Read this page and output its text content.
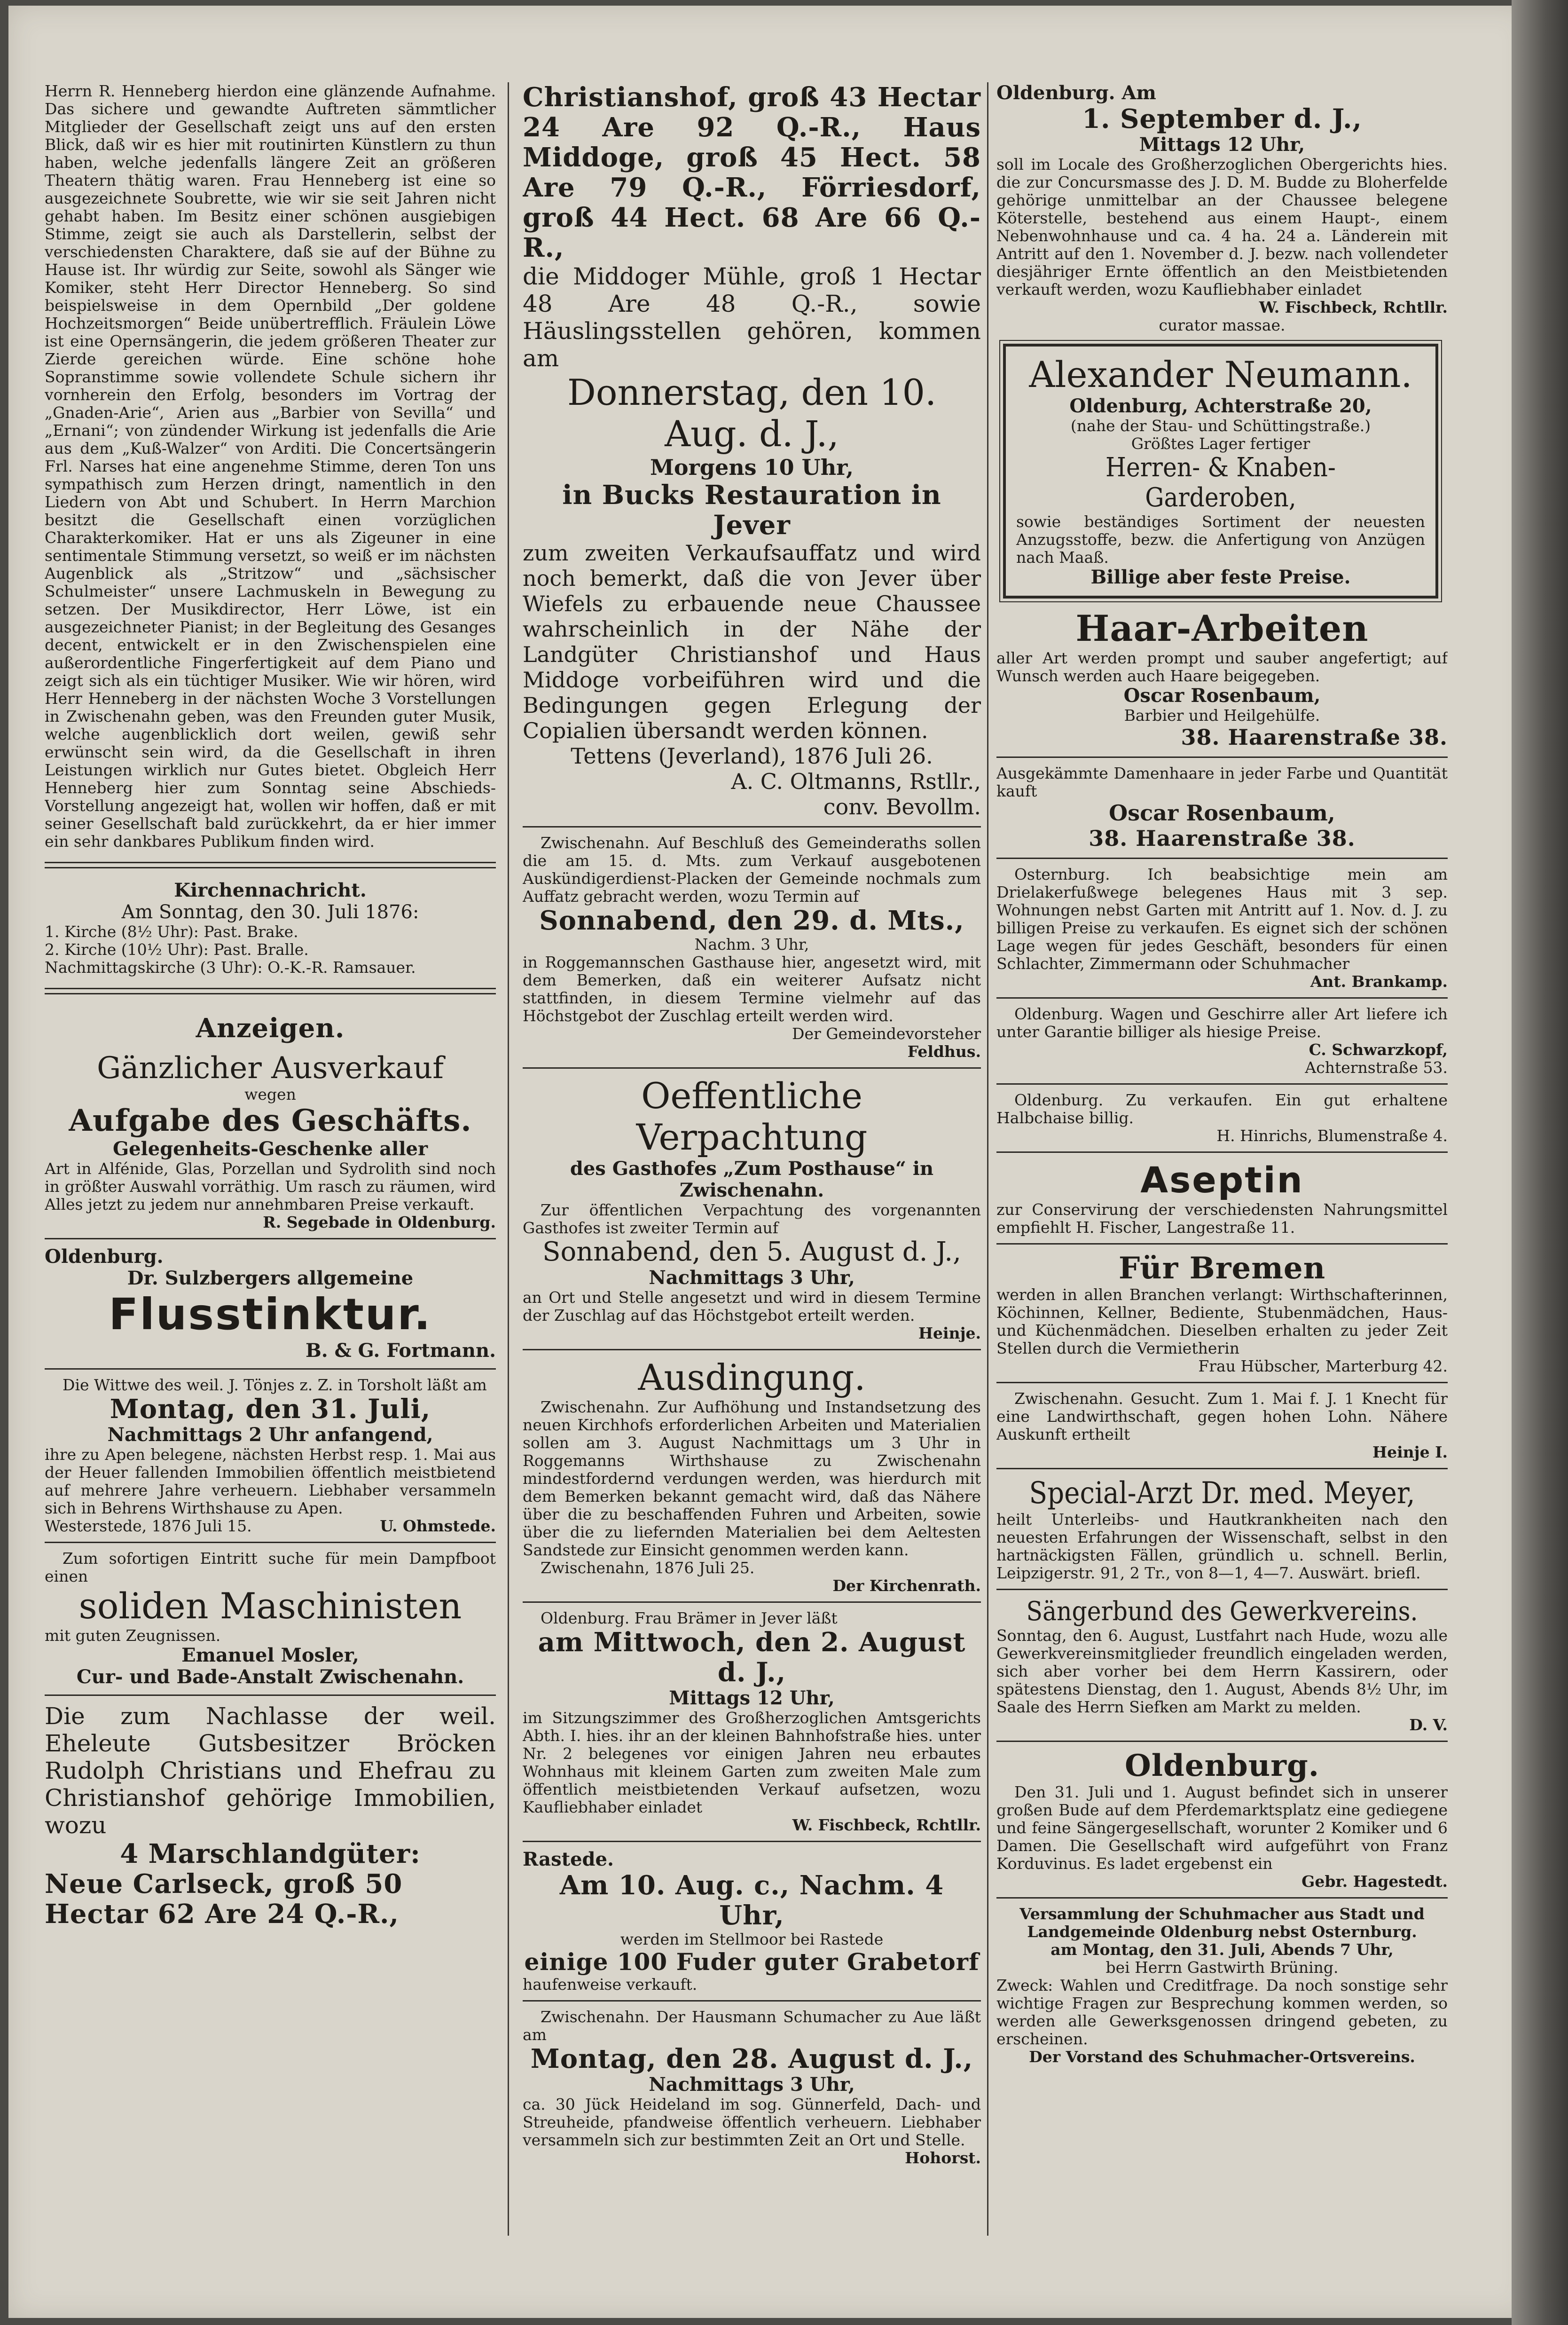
Herrn R. Henneberg hierdon eine glänzende Aufnahme. Das sichere und gewandte Auftreten sämmtlicher Mitglieder der Gesellschaft zeigt uns auf den ersten Blick, daß wir es hier mit routinirten Künstlern zu thun haben, welche jedenfalls längere Zeit an größeren Theatern thätig waren. Frau Henneberg ist eine so ausgezeichnete Soubrette, wie wir sie seit Jahren nicht gehabt haben. Im Besitz einer schönen ausgiebigen Stimme, zeigt sie auch als Darstellerin, selbst der verschiedensten Charaktere, daß sie auf der Bühne zu Hause ist. Ihr würdig zur Seite, sowohl als Sänger wie Komiker, steht Herr Director Henneberg. So sind beispielsweise in dem Opernbild „Der goldene Hochzeitsmorgen“ Beide unübertrefflich. Fräulein Löwe ist eine Opernsängerin, die jedem größeren Theater zur Zierde gereichen würde. Eine schöne hohe Sopranstimme sowie vollendete Schule sichern ihr vornherein den Erfolg, besonders im Vortrag der „Gnaden-Arie“, Arien aus „Barbier von Sevilla“ und „Ernani“; von zündender Wirkung ist jedenfalls die Arie aus dem „Kuß-Walzer“ von Arditi. Die Concertsängerin Frl. Narses hat eine angenehme Stimme, deren Ton uns sympathisch zum Herzen dringt, namentlich in den Liedern von Abt und Schubert. In Herrn Marchion besitzt die Gesellschaft einen vorzüglichen Charakterkomiker. Hat er uns als Zigeuner in eine sentimentale Stimmung versetzt, so weiß er im nächsten Augenblick als „Stritzow“ und „sächsischer Schulmeister“ unsere Lachmuskeln in Bewegung zu setzen. Der Musikdirector, Herr Löwe, ist ein ausgezeichneter Pianist; in der Begleitung des Gesanges decent, entwickelt er in den Zwischenspielen eine außerordentliche Fingerfertigkeit auf dem Piano und zeigt sich als ein tüchtiger Musiker. Wie wir hören, wird Herr Henneberg in der nächsten Woche 3 Vorstellungen in Zwischenahn geben, was den Freunden guter Musik, welche augenblicklich dort weilen, gewiß sehr erwünscht sein wird, da die Gesellschaft in ihren Leistungen wirklich nur Gutes bietet. Obgleich Herr Henneberg hier zum Sonntag seine Abschieds-Vorstellung angezeigt hat, wollen wir hoffen, daß er mit seiner Gesellschaft bald zurückkehrt, da er hier immer ein sehr dankbares Publikum finden wird.

Kirchennachricht.

Am Sonntag, den 30. Juli 1876:

1. Kirche (8½ Uhr): Past. Brake.

2. Kirche (10½ Uhr): Past. Bralle.

Nachmittagskirche (3 Uhr): O.-K.-R. Ramsauer.

Anzeigen.

Gänzlicher Ausverkauf

wegen

Aufgabe des Geschäfts.

Gelegenheits-Geschenke aller

Art in Alfénide, Glas, Porzellan und Sydrolith sind noch in größter Auswahl vorräthig. Um rasch zu räumen, wird Alles jetzt zu jedem nur annehmbaren Preise verkauft.

R. Segebade in Oldenburg.

Oldenburg.

Dr. Sulzbergers allgemeine

Flusstinktur.

B. & G. Fortmann.

Die Wittwe des weil. J. Tönjes z. Z. in Torsholt läßt am

Montag, den 31. Juli,

Nachmittags 2 Uhr anfangend,

ihre zu Apen belegene, nächsten Herbst resp. 1. Mai aus der Heuer fallenden Immobilien öffentlich meistbietend auf mehrere Jahre verheuern. Liebhaber versammeln sich in Behrens Wirthshause zu Apen.

Westerstede, 1876 Juli 15.	U. Ohmstede.

Zum sofortigen Eintritt suche für mein Dampfboot einen

soliden Maschinisten

mit guten Zeugnissen.

Emanuel Mosler,

Cur- und Bade-Anstalt Zwischenahn.

Die zum Nachlasse der weil. Eheleute Gutsbesitzer Bröcken Rudolph Christians und Ehefrau zu Christianshof gehörige Immobilien, wozu

4 Marschlandgüter:

Neue Carlseck, groß 50 Hectar 62 Are 24 Q.-R.,

Christianshof, groß 43 Hectar 24 Are 92 Q.-R., Haus Middoge, groß 45 Hect. 58 Are 79 Q.-R., Förriesdorf, groß 44 Hect. 68 Are 66 Q.-R.,

die Middoger Mühle, groß 1 Hectar 48 Are 48 Q.-R., sowie Häuslingsstellen gehören, kommen am

Donnerstag, den 10. Aug. d. J.,

Morgens 10 Uhr,

in Bucks Restauration in Jever

zum zweiten Verkaufsauffatz und wird noch bemerkt, daß die von Jever über Wiefels zu erbauende neue Chaussee wahrscheinlich in der Nähe der Landgüter Christianshof und Haus Middoge vorbeiführen wird und die Bedingungen gegen Erlegung der Copialien übersandt werden können.

Tettens (Jeverland), 1876 Juli 26.

A. C. Oltmanns, Rstllr.,

conv. Bevollm.

Zwischenahn. Auf Beschluß des Gemeinderaths sollen die am 15. d. Mts. zum Verkauf ausgebotenen Auskündigerdienst-Placken der Gemeinde nochmals zum Auffatz gebracht werden, wozu Termin auf

Sonnabend, den 29. d. Mts.,

Nachm. 3 Uhr,

in Roggemannschen Gasthause hier, angesetzt wird, mit dem Bemerken, daß ein weiterer Aufsatz nicht stattfinden, in diesem Termine vielmehr auf das Höchstgebot der Zuschlag erteilt werden wird.

Der Gemeindevorsteher

Feldhus.

Oeffentliche Verpachtung

des Gasthofes „Zum Posthause“ in Zwischenahn.

Zur öffentlichen Verpachtung des vorgenannten Gasthofes ist zweiter Termin auf

Sonnabend, den 5. August d. J.,

Nachmittags 3 Uhr,

an Ort und Stelle angesetzt und wird in diesem Termine der Zuschlag auf das Höchstgebot erteilt werden.

Heinje.

Ausdingung.

Zwischenahn. Zur Aufhöhung und Instandsetzung des neuen Kirchhofs erforderlichen Arbeiten und Materialien sollen am 3. August Nachmittags um 3 Uhr in Roggemanns Wirthshause zu Zwischenahn mindestfordernd verdungen werden, was hierdurch mit dem Bemerken bekannt gemacht wird, daß das Nähere über die zu beschaffenden Fuhren und Arbeiten, sowie über die zu liefernden Materialien bei dem Aeltesten Sandstede zur Einsicht genommen werden kann.

Zwischenahn, 1876 Juli 25.

Der Kirchenrath.

Oldenburg. Frau Brämer in Jever läßt

am Mittwoch, den 2. August d. J.,

Mittags 12 Uhr,

im Sitzungszimmer des Großherzoglichen Amtsgerichts Abth. I. hies. ihr an der kleinen Bahnhofstraße hies. unter Nr. 2 belegenes vor einigen Jahren neu erbautes Wohnhaus mit kleinem Garten zum zweiten Male zum öffentlich meistbietenden Verkauf aufsetzen, wozu Kaufliebhaber einladet

W. Fischbeck, Rchtllr.

Rastede.

Am 10. Aug. c., Nachm. 4 Uhr,

werden im Stellmoor bei Rastede

einige 100 Fuder guter Grabetorf

haufenweise verkauft.

Zwischenahn. Der Hausmann Schumacher zu Aue läßt am

Montag, den 28. August d. J.,

Nachmittags 3 Uhr,

ca. 30 Jück Heideland im sog. Günnerfeld, Dach- und Streuheide, pfandweise öffentlich verheuern. Liebhaber versammeln sich zur bestimmten Zeit an Ort und Stelle.

Hohorst.

Oldenburg. Am

1. September d. J.,

Mittags 12 Uhr,

soll im Locale des Großherzoglichen Obergerichts hies. die zur Concursmasse des J. D. M. Budde zu Bloherfelde gehörige unmittelbar an der Chaussee belegene Köterstelle, bestehend aus einem Haupt-, einem Nebenwohnhause und ca. 4 ha. 24 a. Länderein mit Antritt auf den 1. November d. J. bezw. nach vollendeter diesjähriger Ernte öffentlich an den Meistbietenden verkauft werden, wozu Kaufliebhaber einladet

W. Fischbeck, Rchtllr.

curator massae.

Alexander Neumann.

Oldenburg, Achterstraße 20,

(nahe der Stau- und Schüttingstraße.)

Größtes Lager fertiger

Herren- & Knaben-Garderoben,

sowie beständiges Sortiment der neuesten Anzugsstoffe, bezw. die Anfertigung von Anzügen nach Maaß.

Billige aber feste Preise.

Haar-Arbeiten

aller Art werden prompt und sauber angefertigt; auf Wunsch werden auch Haare beigegeben.

Oscar Rosenbaum,

Barbier und Heilgehülfe.

38. Haarenstraße 38.

Ausgekämmte Damenhaare in jeder Farbe und Quantität kauft

Oscar Rosenbaum,

38. Haarenstraße 38.

Osternburg. Ich beabsichtige mein am Drielakerfußwege belegenes Haus mit 3 sep. Wohnungen nebst Garten mit Antritt auf 1. Nov. d. J. zu billigen Preise zu verkaufen. Es eignet sich der schönen Lage wegen für jedes Geschäft, besonders für einen Schlachter, Zimmermann oder Schuhmacher

Ant. Brankamp.

Oldenburg. Wagen und Geschirre aller Art liefere ich unter Garantie billiger als hiesige Preise.

C. Schwarzkopf,

Achternstraße 53.

Oldenburg. Zu verkaufen. Ein gut erhaltene Halbchaise billig.

H. Hinrichs, Blumenstraße 4.

Aseptin

zur Conservirung der verschiedensten Nahrungsmittel empfiehlt H. Fischer, Langestraße 11.

Für Bremen

werden in allen Branchen verlangt: Wirthschafterinnen, Köchinnen, Kellner, Bediente, Stubenmädchen, Haus- und Küchenmädchen. Dieselben erhalten zu jeder Zeit Stellen durch die Vermietherin

Frau Hübscher, Marterburg 42.

Zwischenahn. Gesucht. Zum 1. Mai f. J. 1 Knecht für eine Landwirthschaft, gegen hohen Lohn. Nähere Auskunft ertheilt

Heinje I.

Special-Arzt Dr. med. Meyer,

heilt Unterleibs- und Hautkrankheiten nach den neuesten Erfahrungen der Wissenschaft, selbst in den hartnäckigsten Fällen, gründlich u. schnell. Berlin, Leipzigerstr. 91, 2 Tr., von 8—1, 4—7. Auswärt. briefl.

Sängerbund des Gewerkvereins.

Sonntag, den 6. August, Lustfahrt nach Hude, wozu alle Gewerkvereinsmitglieder freundlich eingeladen werden, sich aber vorher bei dem Herrn Kassirern, oder spätestens Dienstag, den 1. August, Abends 8½ Uhr, im Saale des Herrn Siefken am Markt zu melden.

D. V.

Oldenburg.

Den 31. Juli und 1. August befindet sich in unserer großen Bude auf dem Pferdemarktsplatz eine gediegene und feine Sängergesellschaft, worunter 2 Komiker und 6 Damen. Die Gesellschaft wird aufgeführt von Franz Korduvinus. Es ladet ergebenst ein

Gebr. Hagestedt.

Versammlung der Schuhmacher aus Stadt und Landgemeinde Oldenburg nebst Osternburg.

am Montag, den 31. Juli, Abends 7 Uhr,

bei Herrn Gastwirth Brüning.

Zweck: Wahlen und Creditfrage. Da noch sonstige sehr wichtige Fragen zur Besprechung kommen werden, so werden alle Gewerksgenossen dringend gebeten, zu erscheinen.

Der Vorstand des Schuhmacher-Ortsvereins.
